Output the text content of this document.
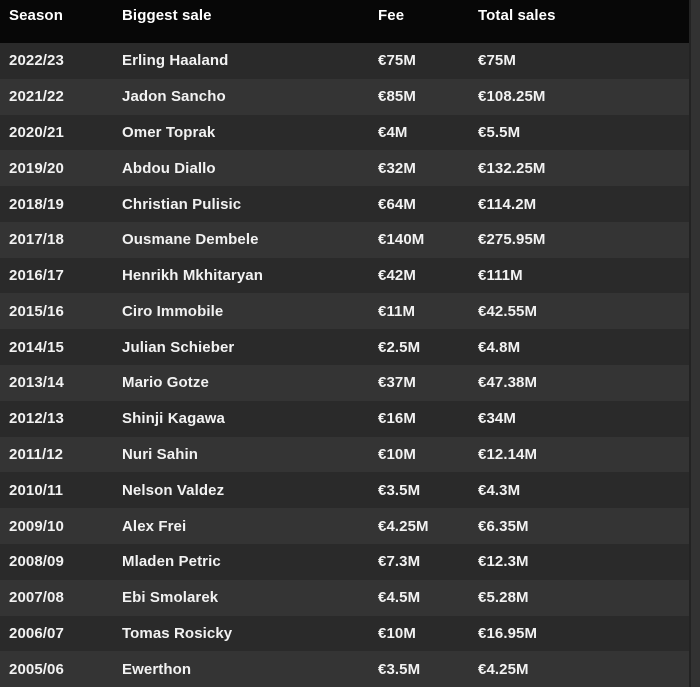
Season	Biggest sale	Fee	Total sales
2022/23	Erling Haaland	€75M	€75M
2021/22	Jadon Sancho	€85M	€108.25M
2020/21	Omer Toprak	€4M	€5.5M
2019/20	Abdou Diallo	€32M	€132.25M
2018/19	Christian Pulisic	€64M	€114.2M
2017/18	Ousmane Dembele	€140M	€275.95M
2016/17	Henrikh Mkhitaryan	€42M	€111M
2015/16	Ciro Immobile	€11M	€42.55M
2014/15	Julian Schieber	€2.5M	€4.8M
2013/14	Mario Gotze	€37M	€47.38M
2012/13	Shinji Kagawa	€16M	€34M
2011/12	Nuri Sahin	€10M	€12.14M
2010/11	Nelson Valdez	€3.5M	€4.3M
2009/10	Alex Frei	€4.25M	€6.35M
2008/09	Mladen Petric	€7.3M	€12.3M
2007/08	Ebi Smolarek	€4.5M	€5.28M
2006/07	Tomas Rosicky	€10M	€16.95M
2005/06	Ewerthon	€3.5M	€4.25M
